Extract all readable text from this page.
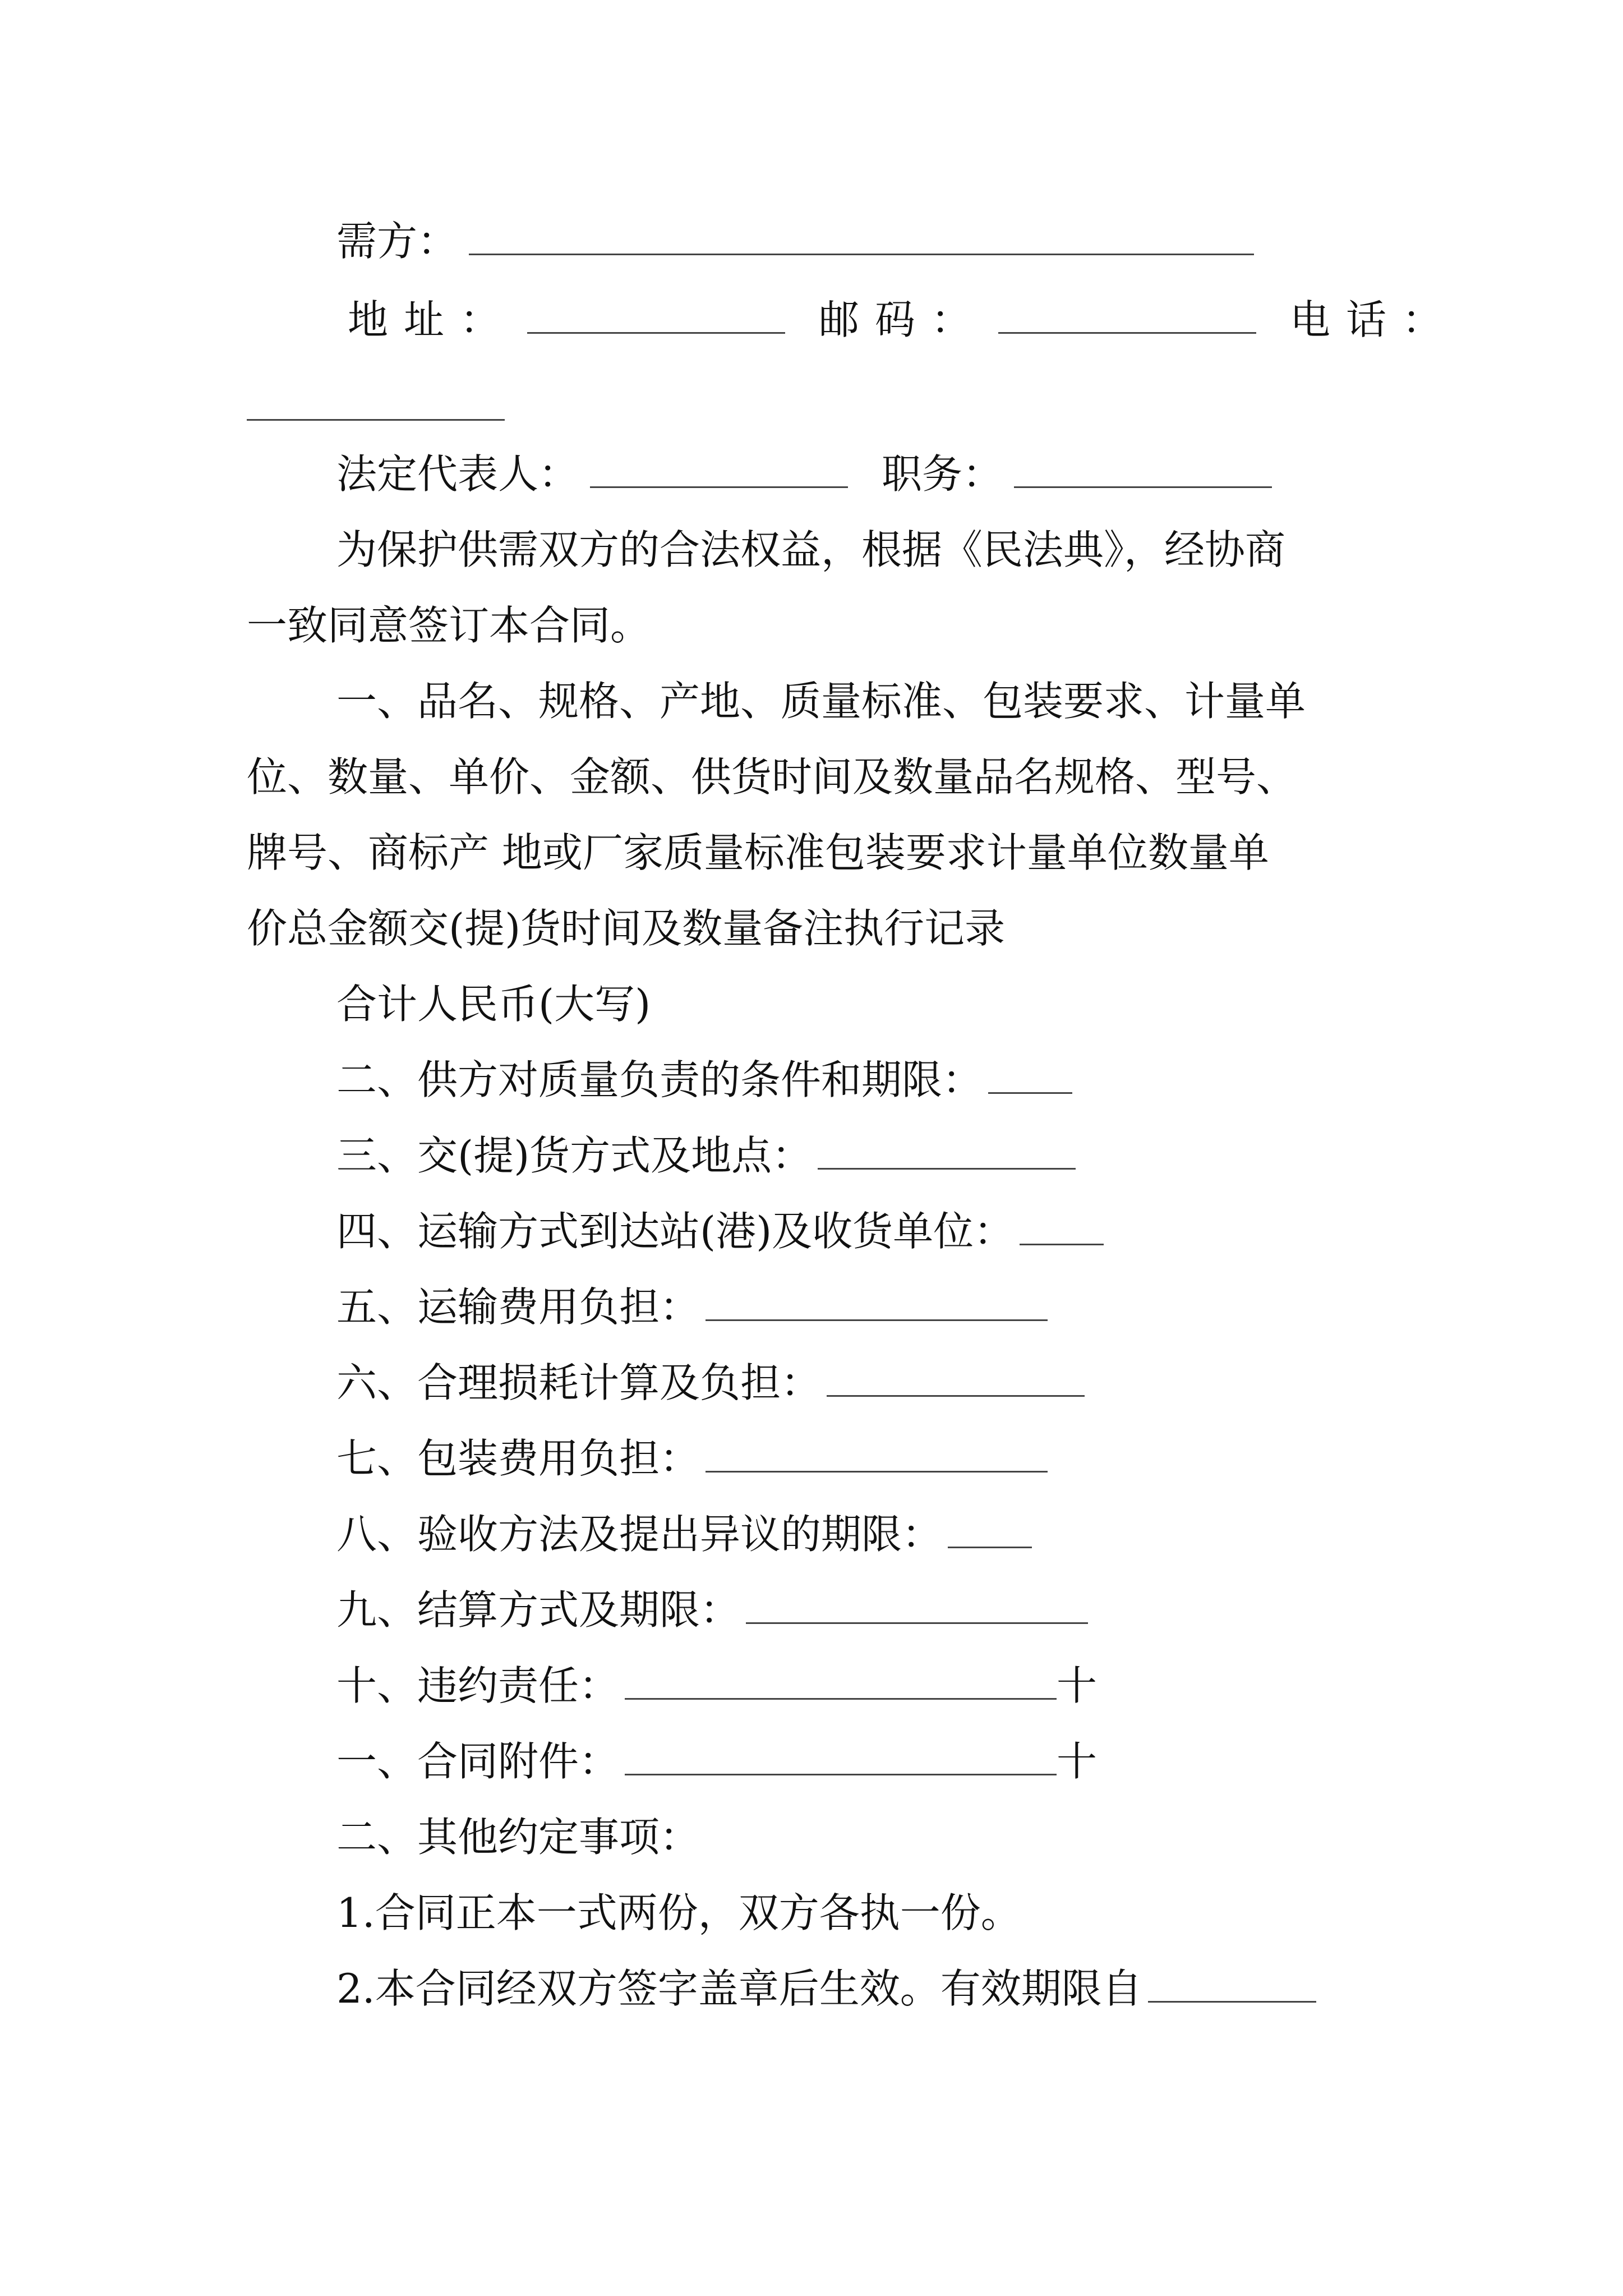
需方：
地址：	邮码：	电话：
法定代表人：	职务：
为保护供需双方的合法权益，根据《民法典》，经协商
一致同意签订本合同。
一、品名、规格、产地、质量标准、包装要求、计量单
位、数量、单价、金额、供货时间及数量品名规格、型号、
牌号、商标产 地或厂家质量标准包装要求计量单位数量单
价总金额交(提)货时间及数量备注执行记录
合计人民币(大写)
二、供方对质量负责的条件和期限：
三、交(提)货方式及地点：
四、运输方式到达站(港)及收货单位：
五、运输费用负担：
六、合理损耗计算及负担：
七、包装费用负担：
八、验收方法及提出异议的期限：
九、结算方式及期限：
十、违约责任：	十
一、合同附件：	十
二、其他约定事项：
1.合同正本一式两份，双方各执一份。
2.本合同经双方签字盖章后生效。有效期限自
